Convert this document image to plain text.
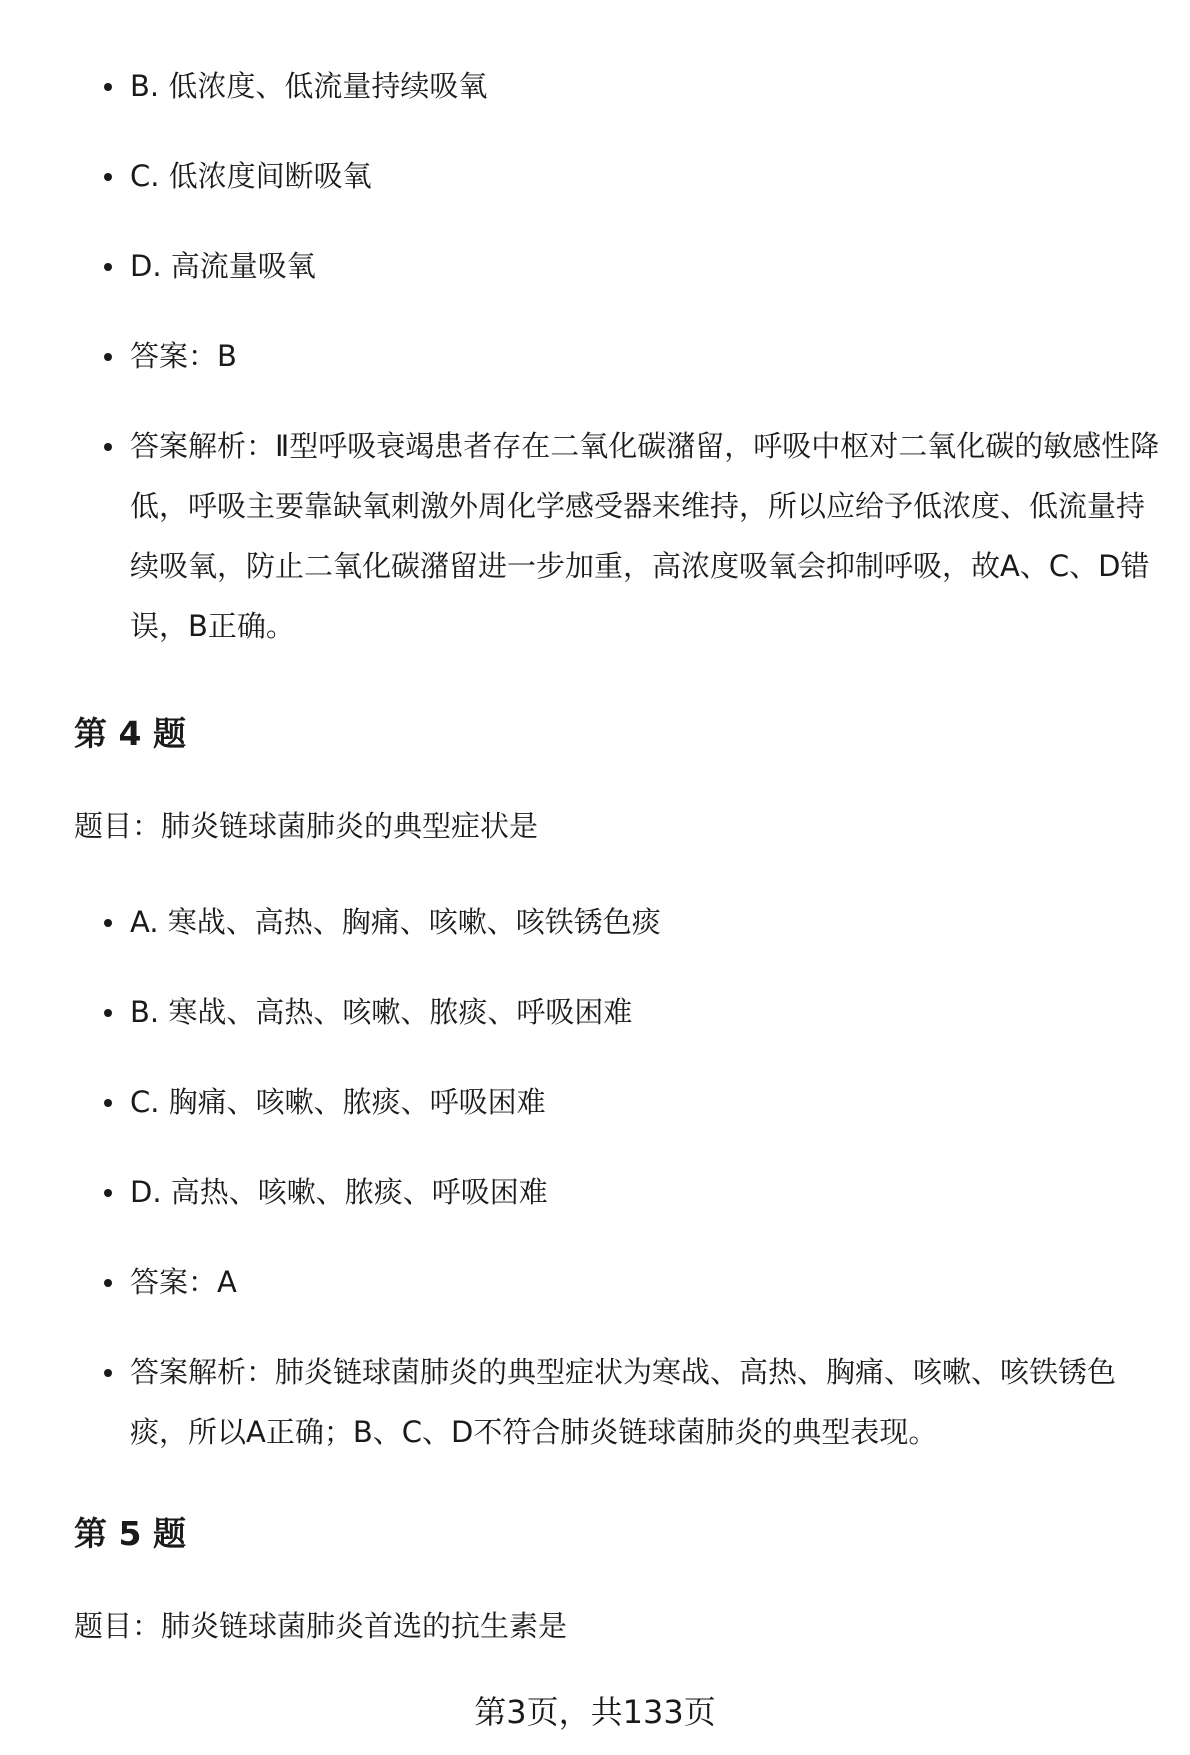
B. 低浓度、低流量持续吸氧
C. 低浓度间断吸氧
D. 高流量吸氧
答案：B
答案解析：Ⅱ型呼吸衰竭患者存在二氧化碳潴留，呼吸中枢对二氧化碳的敏感性降低，呼吸主要靠缺氧刺激外周化学感受器来维持，所以应给予低浓度、低流量持续吸氧，防止二氧化碳潴留进一步加重，高浓度吸氧会抑制呼吸，故A、C、D错误，B正确。
第 4 题

题目：肺炎链球菌肺炎的典型症状是

A. 寒战、高热、胸痛、咳嗽、咳铁锈色痰
B. 寒战、高热、咳嗽、脓痰、呼吸困难
C. 胸痛、咳嗽、脓痰、呼吸困难
D. 高热、咳嗽、脓痰、呼吸困难
答案：A
答案解析：肺炎链球菌肺炎的典型症状为寒战、高热、胸痛、咳嗽、咳铁锈色痰，所以A正确；B、C、D不符合肺炎链球菌肺炎的典型表现。
第 5 题

题目：肺炎链球菌肺炎首选的抗生素是

第3页，共133页
